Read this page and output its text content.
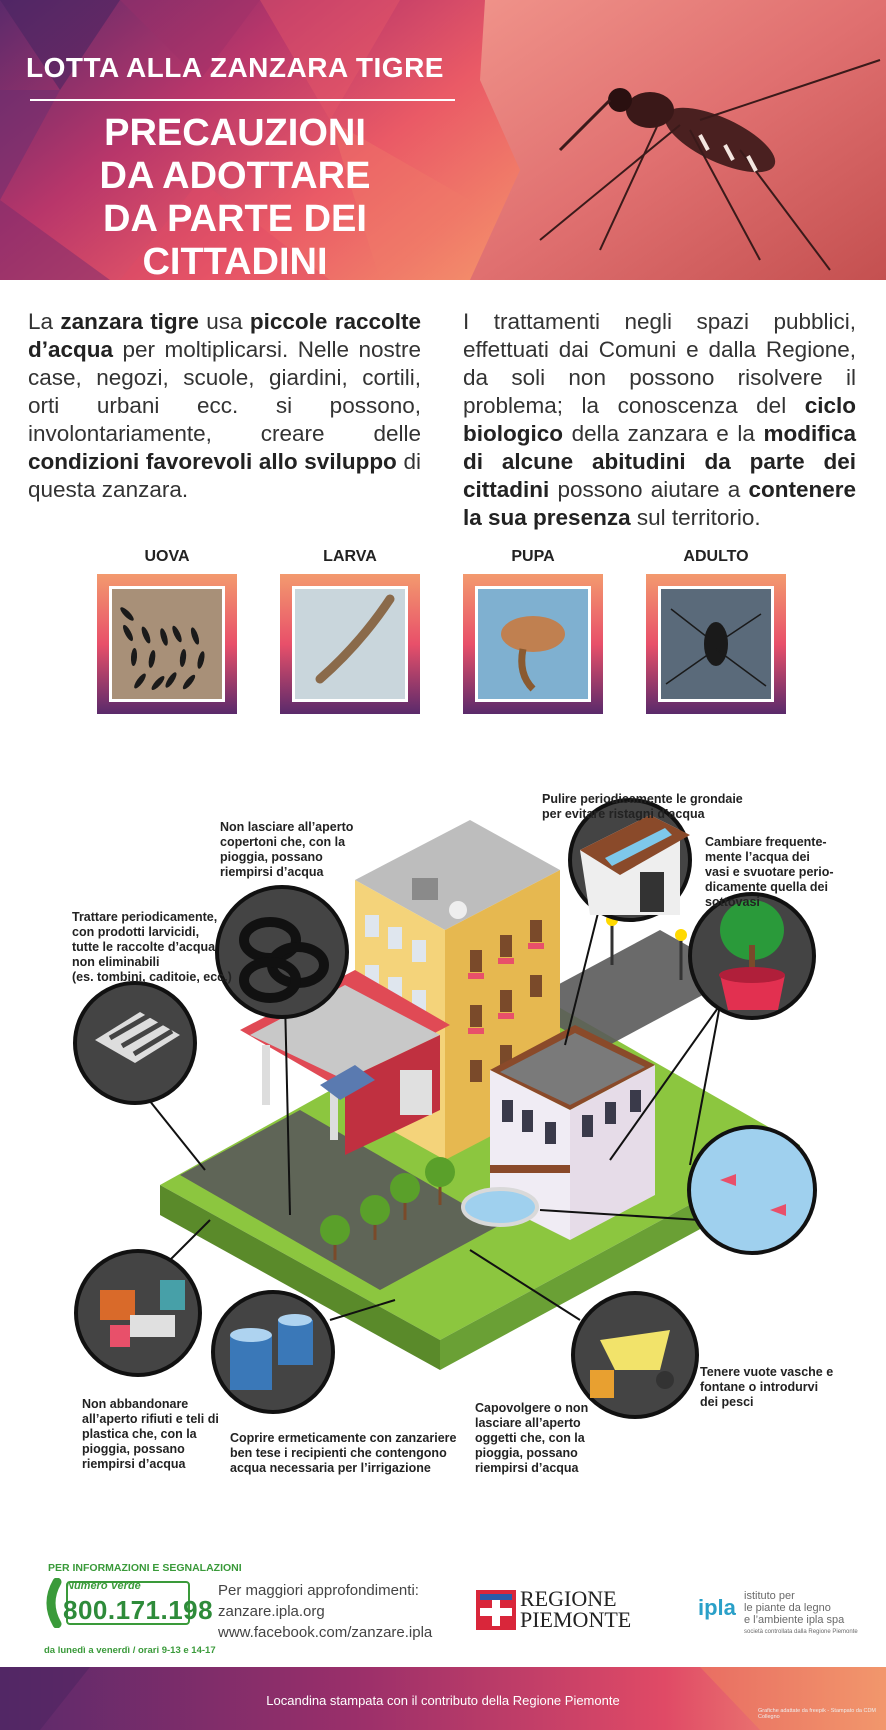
LOTTA ALLA ZANZARA TIGRE
PRECAUZIONI
DA ADOTTARE
DA PARTE DEI CITTADINI
La zanzara tigre usa piccole raccolte d’acqua per moltiplicarsi. Nelle nostre case, negozi, scuole, giardini, cortili, orti urbani ecc. si possono, involontariamente, creare delle condizioni favorevoli allo sviluppo di questa zanzara.
I trattamenti negli spazi pubblici, effettuati dai Comuni e dalla Regione, da soli non possono risolvere il problema; la conoscenza del ciclo biologico della zanzara e la modifica di alcune abitudini da parte dei cittadini possono aiutare a contenere la sua presenza sul territorio.
UOVA	LARVA	PUPA	ADULTO
Pulire periodicamente le grondaie
per evitare ristagni d’acqua
Non lasciare all’aperto
copertoni che, con la
pioggia, possano
riempirsi d’acqua
Trattare periodicamente,
con prodotti larvicidi,
tutte le raccolte d’acqua
non eliminabili
(es. tombini, caditoie, ecc.)
Cambiare frequente-
mente l’acqua dei
vasi e svuotare perio-
dicamente quella dei
sottovasi
Non abbandonare
all’aperto rifiuti e teli di
plastica che, con la
pioggia, possano
riempirsi d’acqua
Coprire ermeticamente con zanzariere
ben tese i recipienti che contengono
acqua necessaria per l’irrigazione
Capovolgere o non
lasciare all’aperto
oggetti che, con la
pioggia, possano
riempirsi d’acqua
Tenere vuote vasche e
fontane o introdurvi
dei pesci
PER INFORMAZIONI E SEGNALAZIONI
Numero Verde
800.171.198
da lunedì a venerdì / orari 9-13 e 14-17
Per maggiori approfondimenti:
zanzare.ipla.org
www.facebook.com/zanzare.ipla
REGIONE
PIEMONTE	ipla istituto per
le piante da legno
e l’ambiente ipla spa
società controllata dalla Regione Piemonte
Locandina stampata con il contributo della Regione Piemonte
Grafiche adattate da freepik - Stampato da CDM Collegno
